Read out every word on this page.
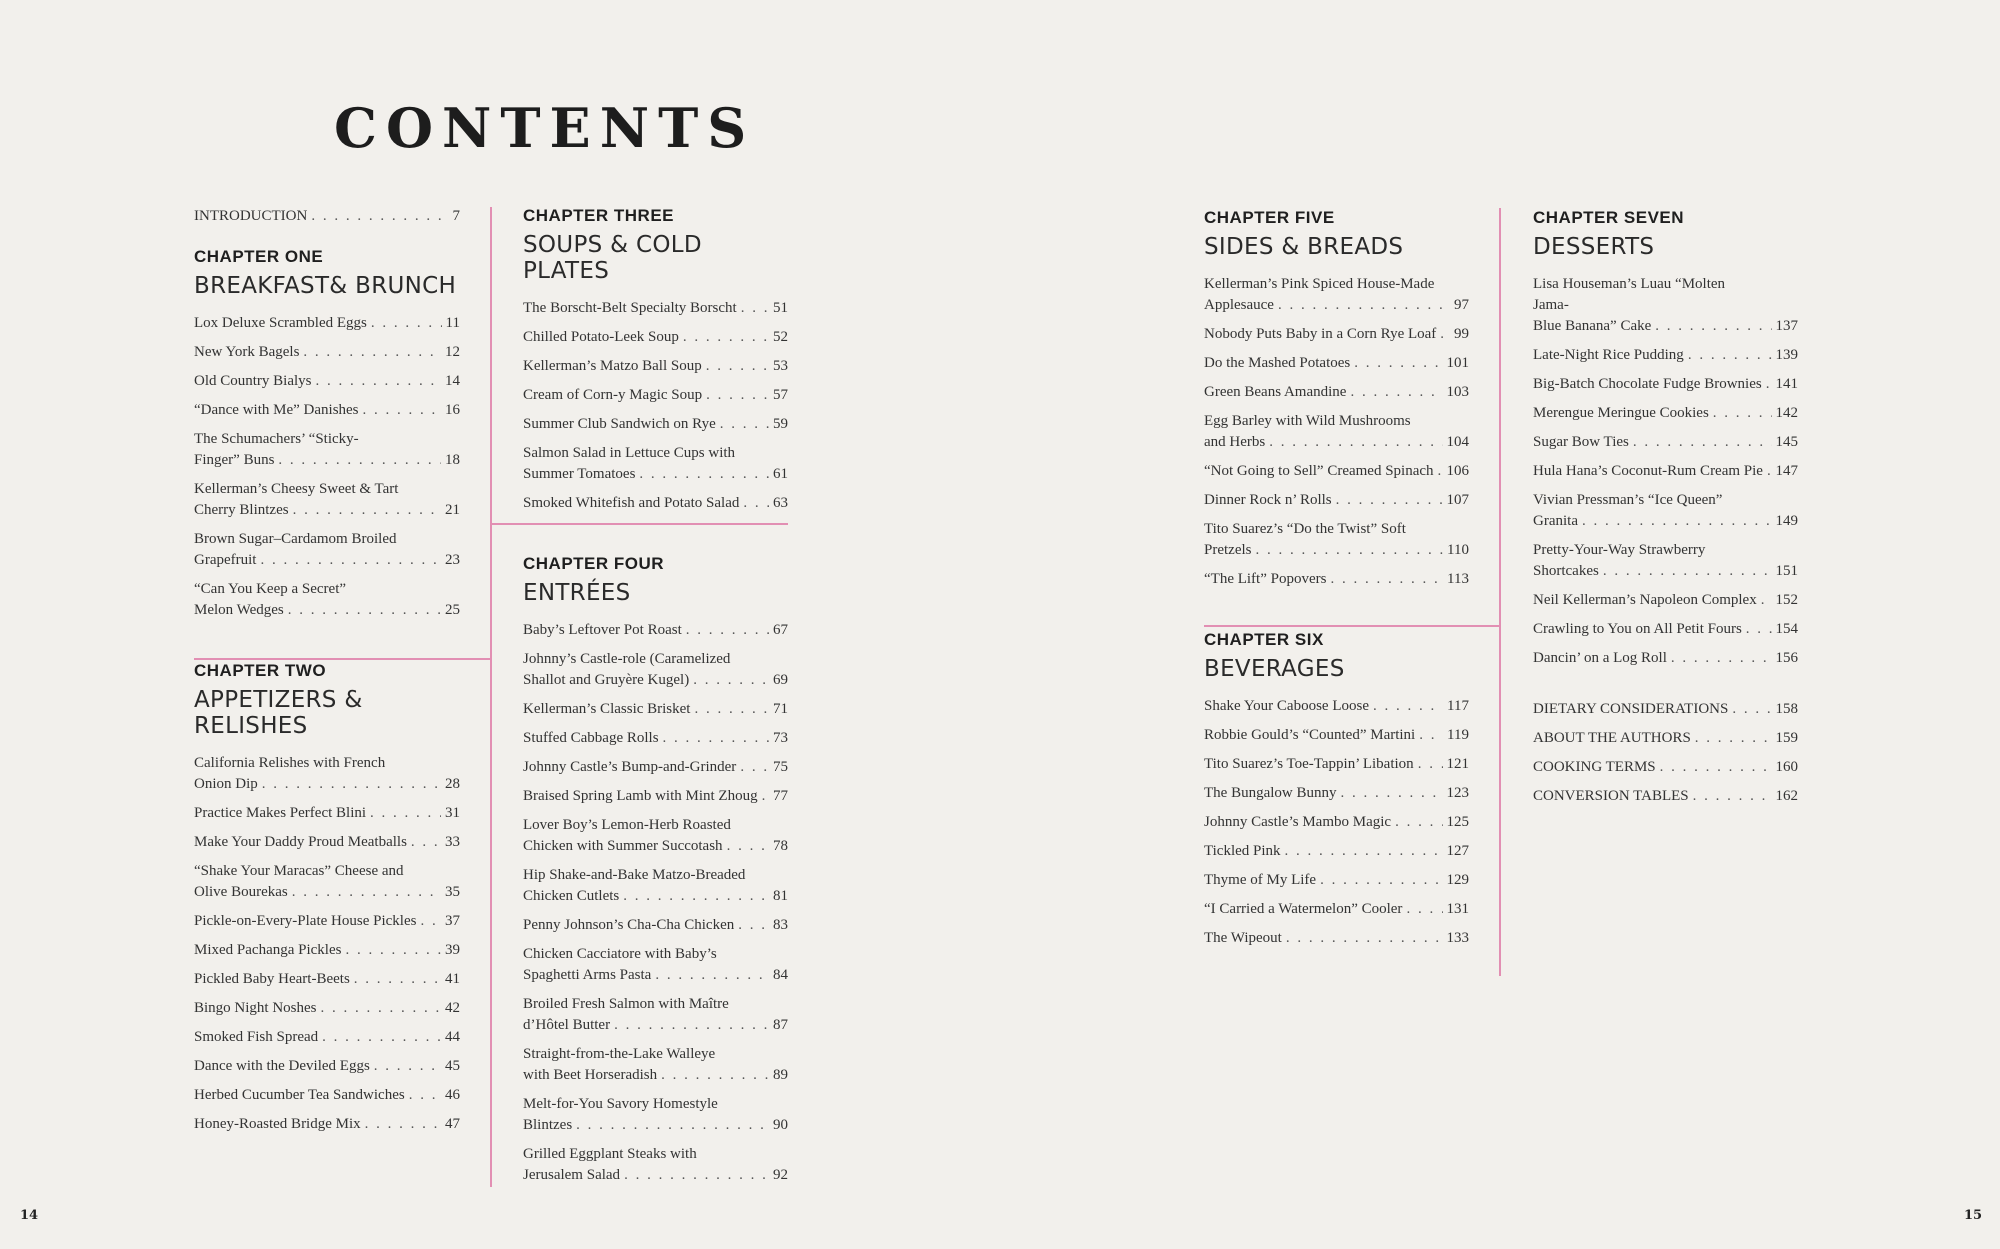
CONTENTS
INTRODUCTION . . .	7
CHAPTER ONE
BREAKFAST& BRUNCH
Lox Deluxe Scrambled Eggs . . .	11
New York Bagels . . .	12
Old Country Bialys . . .	14
“Dance with Me” Danishes . . .	16
The Schumachers’ “Sticky-
Finger” Buns . . .	18
Kellerman’s Cheesy Sweet & Tart
Cherry Blintzes . . .	21
Brown Sugar–Cardamom Broiled
Grapefruit . . .	23
“Can You Keep a Secret”
Melon Wedges . . .	25
CHAPTER TWO
APPETIZERS & RELISHES
California Relishes with French
Onion Dip . . .	28
Practice Makes Perfect Blini . . .	31
Make Your Daddy Proud Meatballs . . .	33
“Shake Your Maracas” Cheese and
Olive Bourekas . . .	35
Pickle-on-Every-Plate House Pickles . . . 37
Mixed Pachanga Pickles . . .	39
Pickled Baby Heart-Beets . . .	41
Bingo Night Noshes . . .	42
Smoked Fish Spread . . .	44
Dance with the Deviled Eggs . . .	45
Herbed Cucumber Tea Sandwiches . . .	46
Honey-Roasted Bridge Mix . . .	47
CHAPTER THREE
SOUPS & COLD PLATES
The Borscht-Belt Specialty Borscht . . . 51
Chilled Potato-Leek Soup . . .	52
Kellerman’s Matzo Ball Soup . . .	53
Cream of Corn-y Magic Soup . . .	57
Summer Club Sandwich on Rye . . .	59
Salmon Salad in Lettuce Cups with
Summer Tomatoes . . .	61
Smoked Whitefish and Potato Salad . . . 63
CHAPTER FOUR
ENTRÉES
Baby’s Leftover Pot Roast . . .	67
Johnny’s Castle-role (Caramelized
Shallot and Gruyère Kugel) . . .	69
Kellerman’s Classic Brisket . . .	71
Stuffed Cabbage Rolls . . .	73
Johnny Castle’s Bump-and-Grinder . . . 75
Braised Spring Lamb with Mint Zhoug . . . 77
Lover Boy’s Lemon-Herb Roasted
Chicken with Summer Succotash . . .	78
Hip Shake-and-Bake Matzo-Breaded
Chicken Cutlets . . .	81
Penny Johnson’s Cha-Cha Chicken . . .	83
Chicken Cacciatore with Baby’s
Spaghetti Arms Pasta . . .	84
Broiled Fresh Salmon with Maître
d’Hôtel Butter . . .	87
Straight-from-the-Lake Walleye
with Beet Horseradish . . .	89
Melt-for-You Savory Homestyle
Blintzes . . .	90
Grilled Eggplant Steaks with
Jerusalem Salad . . .	92
CHAPTER FIVE
SIDES & BREADS
Kellerman’s Pink Spiced House-Made
Applesauce . . .	97
Nobody Puts Baby in a Corn Rye Loaf . . . 99
Do the Mashed Potatoes . . .	101
Green Beans Amandine . . .	103
Egg Barley with Wild Mushrooms
and Herbs . . .	104
“Not Going to Sell” Creamed Spinach . . . 106
Dinner Rock n’ Rolls . . .	107
Tito Suarez’s “Do the Twist” Soft
Pretzels . . .	110
“The Lift” Popovers . . .	113
CHAPTER SIX
BEVERAGES
Shake Your Caboose Loose . . .	117
Robbie Gould’s “Counted” Martini . . . 119
Tito Suarez’s Toe-Tappin’ Libation . . . 121
The Bungalow Bunny . . .	123
Johnny Castle’s Mambo Magic . . .	125
Tickled Pink . . .	127
Thyme of My Life . . .	129
“I Carried a Watermelon” Cooler . . .	131
The Wipeout . . .	133
CHAPTER SEVEN
DESSERTS
Lisa Houseman’s Luau “Molten Jama-
Blue Banana” Cake . . .	137
Late-Night Rice Pudding . . .	139
Big-Batch Chocolate Fudge Brownies . . . 141
Merengue Meringue Cookies . . .	142
Sugar Bow Ties . . .	145
Hula Hana’s Coconut-Rum Cream Pie . . . 147
Vivian Pressman’s “Ice Queen”
Granita . . .	149
Pretty-Your-Way Strawberry
Shortcakes . . .	151
Neil Kellerman’s Napoleon Complex . . . 152
Crawling to You on All Petit Fours . . . 154
Dancin’ on a Log Roll . . .	156
DIETARY CONSIDERATIONS . . .	158
ABOUT THE AUTHORS . . .	159
COOKING TERMS . . .	160
CONVERSION TABLES . . .	162
14	15
